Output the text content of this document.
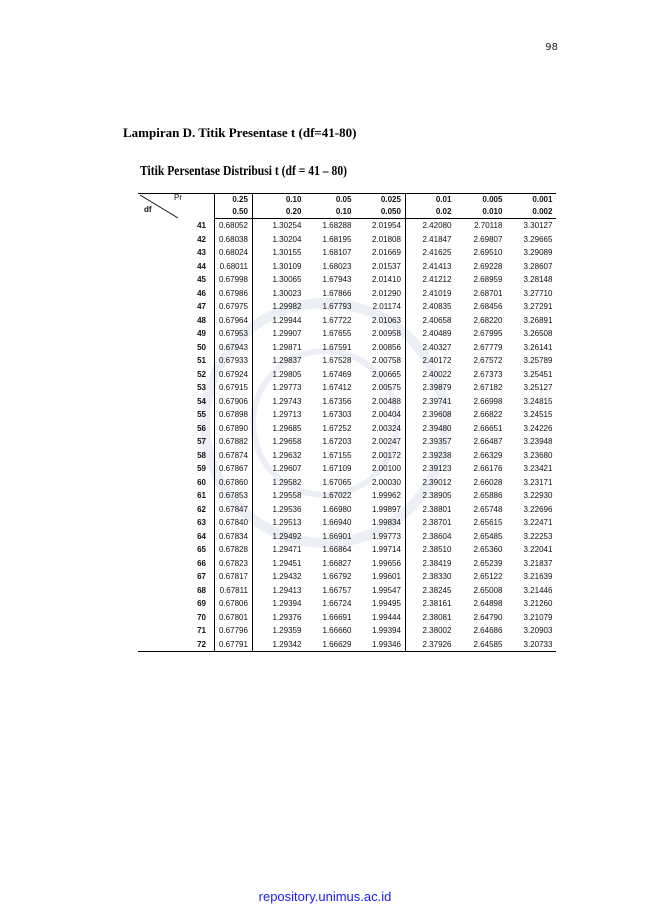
98
Lampiran D. Titik Presentase t (df=41-80)
Titik Persentase Distribusi t (df = 41 – 80)
Pr
df	0.25	0.10	0.05	0.025	0.01	0.005	0.001
	0.50	0.20	0.10	0.050	0.02	0.010	0.002
41	0.68052	1.30254	1.68288	2.01954	2.42080	2.70118	3.30127
42	0.68038	1.30204	1.68195	2.01808	2.41847	2.69807	3.29665
43	0.68024	1.30155	1.68107	2.01669	2.41625	2.69510	3.29089
44	0.68011	1.30109	1.68023	2.01537	2.41413	2.69228	3.28607
45	0.67998	1.30065	1.67943	2.01410	2.41212	2.68959	3.28148
46	0.67986	1.30023	1.67866	2.01290	2.41019	2.68701	3.27710
47	0.67975	1.29982	1.67793	2.01174	2.40835	2.68456	3.27291
48	0.67964	1.29944	1.67722	2.01063	2.40658	2.68220	3.26891
49	0.67953	1.29907	1.67655	2.00958	2.40489	2.67995	3.26508
50	0.67943	1.29871	1.67591	2.00856	2.40327	2.67779	3.26141
51	0.67933	1.29837	1.67528	2.00758	2.40172	2.67572	3.25789
52	0.67924	1.29805	1.67469	2.00665	2.40022	2.67373	3.25451
53	0.67915	1.29773	1.67412	2.00575	2.39879	2.67182	3.25127
54	0.67906	1.29743	1.67356	2.00488	2.39741	2.66998	3.24815
55	0.67898	1.29713	1.67303	2.00404	2.39608	2.66822	3.24515
56	0.67890	1.29685	1.67252	2.00324	2.39480	2.66651	3.24226
57	0.67882	1.29658	1.67203	2.00247	2.39357	2.66487	3.23948
58	0.67874	1.29632	1.67155	2.00172	2.39238	2.66329	3.23680
59	0.67867	1.29607	1.67109	2.00100	2.39123	2.66176	3.23421
60	0.67860	1.29582	1.67065	2.00030	2.39012	2.66028	3.23171
61	0.67853	1.29558	1.67022	1.99962	2.38905	2.65886	3.22930
62	0.67847	1.29536	1.66980	1.99897	2.38801	2.65748	3.22696
63	0.67840	1.29513	1.66940	1.99834	2.38701	2.65615	3.22471
64	0.67834	1.29492	1.66901	1.99773	2.38604	2.65485	3.22253
65	0.67828	1.29471	1.66864	1.99714	2.38510	2.65360	3.22041
66	0.67823	1.29451	1.66827	1.99656	2.38419	2.65239	3.21837
67	0.67817	1.29432	1.66792	1.99601	2.38330	2.65122	3.21639
68	0.67811	1.29413	1.66757	1.99547	2.38245	2.65008	3.21446
69	0.67806	1.29394	1.66724	1.99495	2.38161	2.64898	3.21260
70	0.67801	1.29376	1.66691	1.99444	2.38081	2.64790	3.21079
71	0.67796	1.29359	1.66660	1.99394	2.38002	2.64686	3.20903
72	0.67791	1.29342	1.66629	1.99346	2.37926	2.64585	3.20733
repository.unimus.ac.id
